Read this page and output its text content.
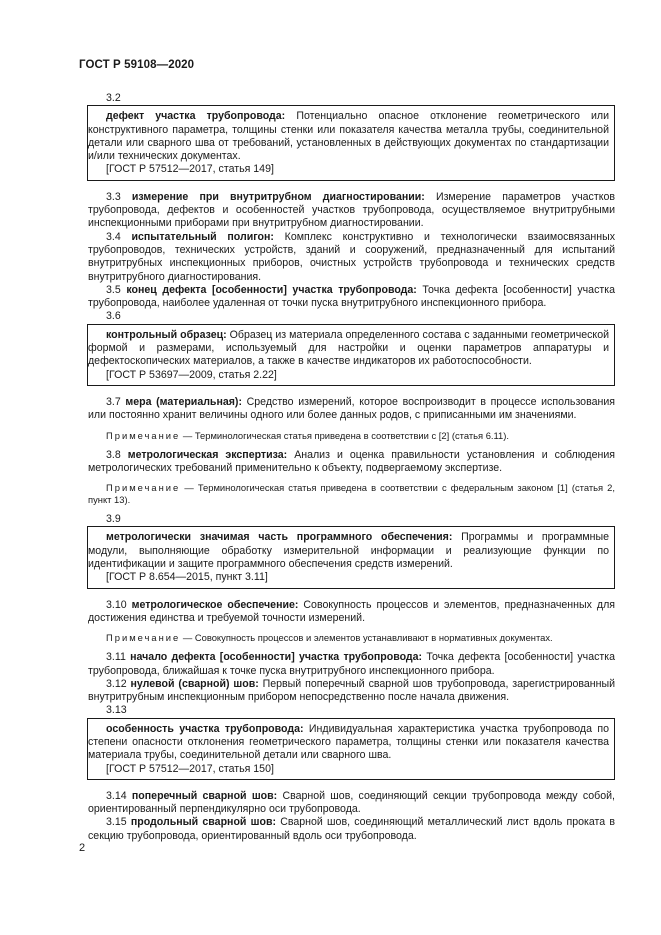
ГОСТ Р 59108—2020
3.2

дефект участка трубопровода: Потенциально опасное отклонение геометрического или конструктивного параметра, толщины стенки или показателя качества металла трубы, соединительной детали или сварного шва от требований, установленных в действующих документах по стандартизации и/или технических документах.

[ГОСТ Р 57512—2017, статья 149]

3.3 измерение при внутритрубном диагностировании: Измерение параметров участков трубопровода, дефектов и особенностей участков трубопровода, осуществляемое внутритрубными инспекционными приборами при внутритрубном диагностировании.

3.4 испытательный полигон: Комплекс конструктивно и технологически взаимосвязанных трубопроводов, технических устройств, зданий и сооружений, предназначенный для испытаний внутритрубных инспекционных приборов, очистных устройств трубопровода и технических средств внутритрубного диагностирования.

3.5 конец дефекта [особенности] участка трубопровода: Точка дефекта [особенности] участка трубопровода, наиболее удаленная от точки пуска внутритрубного инспекционного прибора.

3.6

контрольный образец: Образец из материала определенного состава с заданными геометрической формой и размерами, используемый для настройки и оценки параметров аппаратуры и дефектоскопических материалов, а также в качестве индикаторов их работоспособности.

[ГОСТ Р 53697—2009, статья 2.22]

3.7 мера (материальная): Средство измерений, которое воспроизводит в процессе использования или постоянно хранит величины одного или более данных родов, с приписанными им значениями.

Примечание — Терминологическая статья приведена в соответствии с [2] (статья 6.11).

3.8 метрологическая экспертиза: Анализ и оценка правильности установления и соблюдения метрологических требований применительно к объекту, подвергаемому экспертизе.

Примечание — Терминологическая статья приведена в соответствии с федеральным законом [1] (статья 2, пункт 13).

3.9

метрологически значимая часть программного обеспечения: Программы и программные модули, выполняющие обработку измерительной информации и реализующие функции по идентификации и защите программного обеспечения средств измерений.

[ГОСТ Р 8.654—2015, пункт 3.11]

3.10 метрологическое обеспечение: Совокупность процессов и элементов, предназначенных для достижения единства и требуемой точности измерений.

Примечание — Совокупность процессов и элементов устанавливают в нормативных документах.

3.11 начало дефекта [особенности] участка трубопровода: Точка дефекта [особенности] участка трубопровода, ближайшая к точке пуска внутритрубного инспекционного прибора.

3.12 нулевой (сварной) шов: Первый поперечный сварной шов трубопровода, зарегистрированный внутритрубным инспекционным прибором непосредственно после начала движения.

3.13

особенность участка трубопровода: Индивидуальная характеристика участка трубопровода по степени опасности отклонения геометрического параметра, толщины стенки или показателя качества материала трубы, соединительной детали или сварного шва.

[ГОСТ Р 57512—2017, статья 150]

3.14 поперечный сварной шов: Сварной шов, соединяющий секции трубопровода между собой, ориентированный перпендикулярно оси трубопровода.

3.15 продольный сварной шов: Сварной шов, соединяющий металлический лист вдоль проката в секцию трубопровода, ориентированный вдоль оси трубопровода.

2
